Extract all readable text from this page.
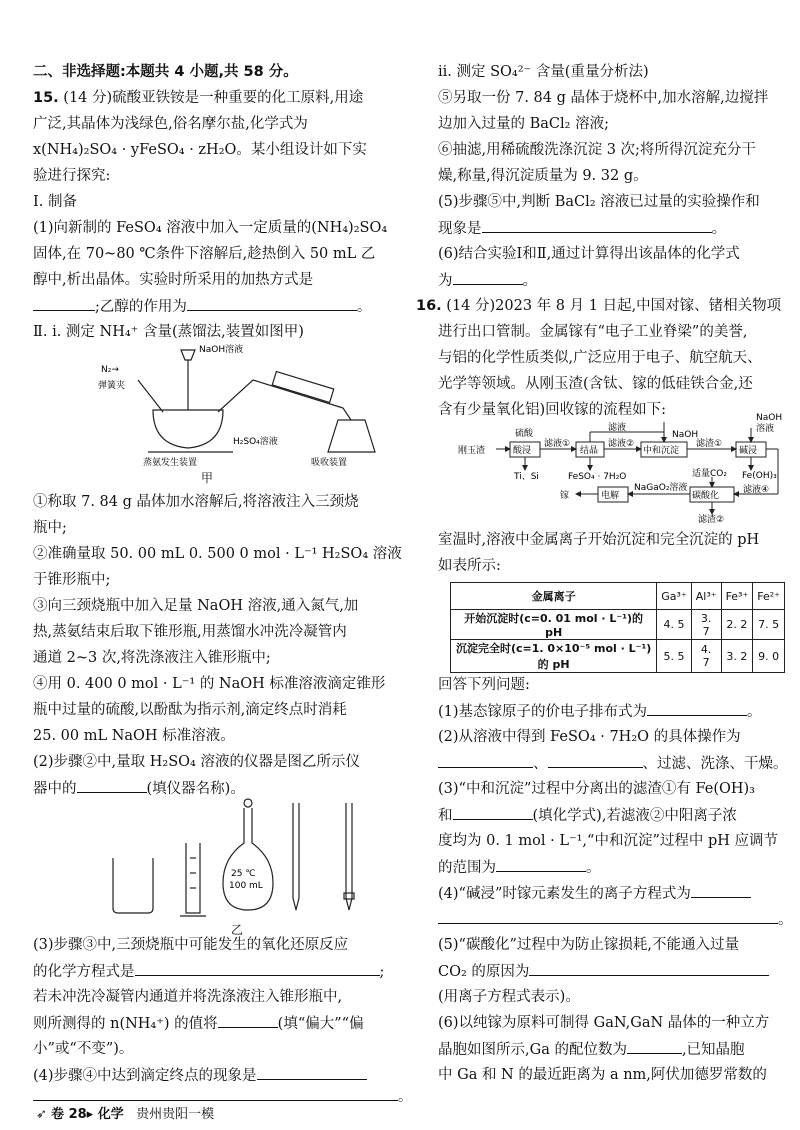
二、非选择题:本题共 4 小题,共 58 分。
15. (14 分)硫酸亚铁铵是一种重要的化工原料,用途
广泛,其晶体为浅绿色,俗名摩尔盐,化学式为
x(NH₄)₂SO₄ · yFeSO₄ · zH₂O。某小组设计如下实
验进行探究:
Ⅰ. 制备
(1)向新制的 FeSO₄ 溶液中加入一定质量的(NH₄)₂SO₄
固体,在 70~80 ℃条件下溶解后,趁热倒入 50 mL 乙
醇中,析出晶体。实验时所采用的加热方式是
;乙醇的作用为	。
Ⅱ. ⅰ. 测定 NH₄⁺ 含量(蒸馏法,装置如图甲)
N₂→
弹簧夹
NaOH溶液
H₂SO₄溶液
蒸氨发生装置	吸收装置
甲
①称取 7. 84 g 晶体加水溶解后,将溶液注入三颈烧
瓶中;
②准确量取 50. 00 mL 0. 500 0 mol · L⁻¹ H₂SO₄ 溶液
于锥形瓶中;
③向三颈烧瓶中加入足量 NaOH 溶液,通入氮气,加
热,蒸氨结束后取下锥形瓶,用蒸馏水冲洗冷凝管内
通道 2~3 次,将洗涤液注入锥形瓶中;
④用 0. 400 0 mol · L⁻¹ 的 NaOH 标准溶液滴定锥形
瓶中过量的硫酸,以酚酞为指示剂,滴定终点时消耗
25. 00 mL NaOH 标准溶液。
(2)步骤②中,量取 H₂SO₄ 溶液的仪器是图乙所示仪
器中的	(填仪器名称)。
25 ℃
100 mL
乙
(3)步骤③中,三颈烧瓶中可能发生的氧化还原反应
的化学方程式是	;
若未冲洗冷凝管内通道并将洗涤液注入锥形瓶中,
则所测得的 n(NH₄⁺) 的值将	(填“偏大”“偏
小”或“不变”)。
(4)步骤④中达到滴定终点的现象是
。
ⅱ. 测定 SO₄²⁻ 含量(重量分析法)
⑤另取一份 7. 84 g 晶体于烧杯中,加水溶解,边搅拌
边加入过量的 BaCl₂ 溶液;
⑥抽滤,用稀硫酸洗涤沉淀 3 次;将所得沉淀充分干
燥,称量,得沉淀质量为 9. 32 g。
(5)步骤⑤中,判断 BaCl₂ 溶液已过量的实验操作和
现象是	。
(6)结合实验Ⅰ和Ⅱ,通过计算得出该晶体的化学式
为	。
16. (14 分)2023 年 8 月 1 日起,中国对镓、锗相关物项
进行出口管制。金属镓有“电子工业脊梁”的美誉,
与铝的化学性质类似,广泛应用于电子、航空航天、
光学等领域。从刚玉渣(含钛、镓的低硅铁合金,还
含有少量氧化铝)回收镓的流程如下:
刚玉渣
硫酸
酸浸
Ti、Si
滤液①
结晶
FeSO₄ · 7H₂O
滤液
滤液②
NaOH
中和沉淀
滤渣①
NaOH
溶液
碱浸
Fe(OH)₃
滤液④
适量CO₂
NaGaO₂溶液
碳酸化
滤渣②
电解
镓
室温时,溶液中金属离子开始沉淀和完全沉淀的 pH
如表所示:
金属离子	Ga³⁺	Al³⁺	Fe³⁺	Fe²⁺
开始沉淀时(c=0. 01 mol · L⁻¹)的 pH	4. 5	3. 7	2. 2	7. 5
沉淀完全时(c=1. 0×10⁻⁵ mol · L⁻¹)的 pH	5. 5	4. 7	3. 2	9. 0
回答下列问题:
(1)基态镓原子的价电子排布式为	。
(2)从溶液中得到 FeSO₄ · 7H₂O 的具体操作为
、	、过滤、洗涤、干燥。
(3)“中和沉淀”过程中分离出的滤渣①有 Fe(OH)₃
和	(填化学式),若滤液②中阳离子浓
度均为 0. 1 mol · L⁻¹,“中和沉淀”过程中 pH 应调节
的范围为	。
(4)“碱浸”时镓元素发生的离子方程式为
。
(5)“碳酸化”过程中为防止镓损耗,不能通入过量
CO₂ 的原因为
(用离子方程式表示)。
(6)以纯镓为原料可制得 GaN,GaN 晶体的一种立方
晶胞如图所示,Ga 的配位数为	,已知晶胞
中 Ga 和 N 的最近距离为 a nm,阿伏加德罗常数的
➶ 卷 28▸ 化学 贵州贵阳一模
